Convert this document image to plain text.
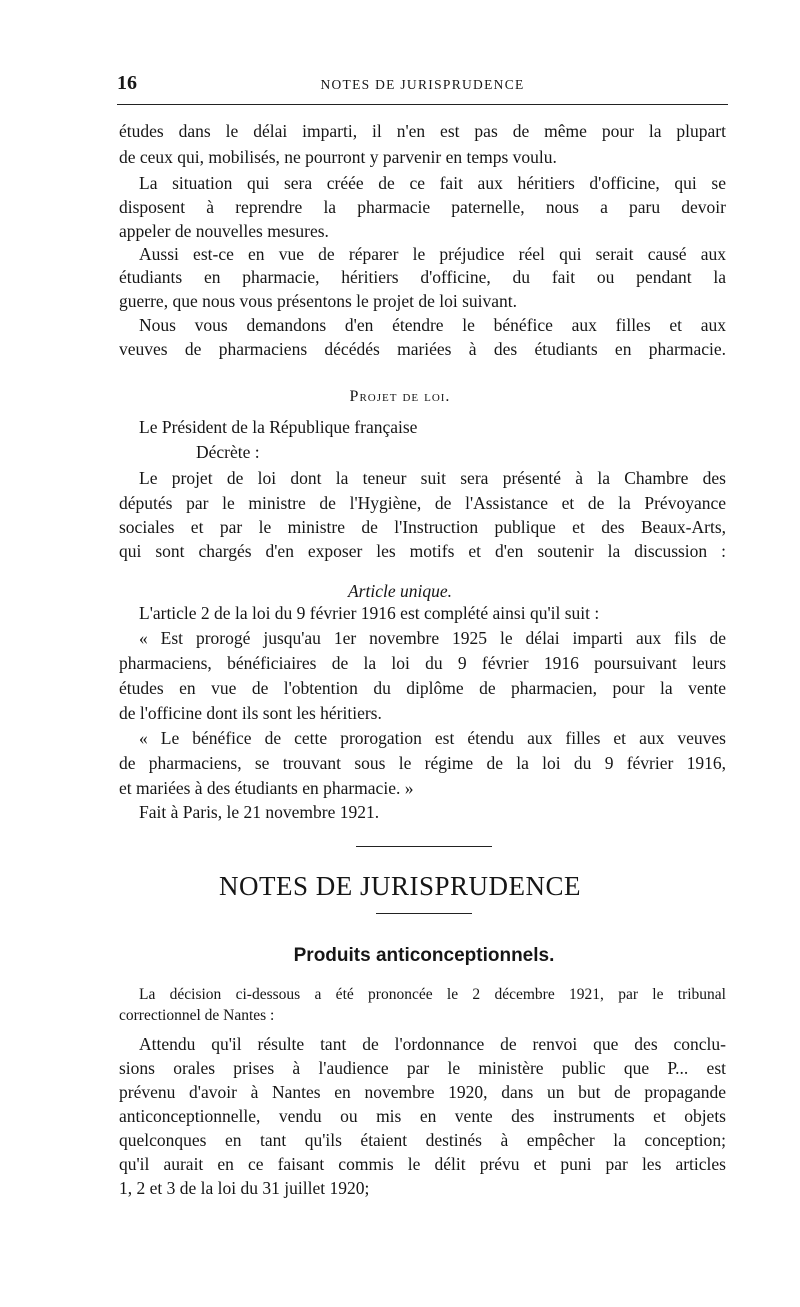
16	NOTES DE JURISPRUDENCE
études dans le délai imparti, il n'en est pas de même pour la plupart
de ceux qui, mobilisés, ne pourront y parvenir en temps voulu.
La situation qui sera créée de ce fait aux héritiers d'officine, qui se
disposent à reprendre la pharmacie paternelle, nous a paru devoir
appeler de nouvelles mesures.
Aussi est-ce en vue de réparer le préjudice réel qui serait causé aux
étudiants en pharmacie, héritiers d'officine, du fait ou pendant la
guerre, que nous vous présentons le projet de loi suivant.
Nous vous demandons d'en étendre le bénéfice aux filles et aux
veuves de pharmaciens décédés mariées à des étudiants en pharmacie.
Projet de loi.
Le Président de la République française
Décrète :
Le projet de loi dont la teneur suit sera présenté à la Chambre des
députés par le ministre de l'Hygiène, de l'Assistance et de la Prévoyance
sociales et par le ministre de l'Instruction publique et des Beaux-Arts,
qui sont chargés d'en exposer les motifs et d'en soutenir la discussion :
Article unique.
L'article 2 de la loi du 9 février 1916 est complété ainsi qu'il suit :
« Est prorogé jusqu'au 1er novembre 1925 le délai imparti aux fils de
pharmaciens, bénéficiaires de la loi du 9 février 1916 poursuivant leurs
études en vue de l'obtention du diplôme de pharmacien, pour la vente
de l'officine dont ils sont les héritiers.
« Le bénéfice de cette prorogation est étendu aux filles et aux veuves
de pharmaciens, se trouvant sous le régime de la loi du 9 février 1916,
et mariées à des étudiants en pharmacie. »
Fait à Paris, le 21 novembre 1921.
NOTES DE JURISPRUDENCE
Produits anticonceptionnels.
La décision ci-dessous a été prononcée le 2 décembre 1921, par le tribunal
correctionnel de Nantes :
Attendu qu'il résulte tant de l'ordonnance de renvoi que des conclu-
sions orales prises à l'audience par le ministère public que P... est
prévenu d'avoir à Nantes en novembre 1920, dans un but de propagande
anticonceptionnelle, vendu ou mis en vente des instruments et objets
quelconques en tant qu'ils étaient destinés à empêcher la conception;
qu'il aurait en ce faisant commis le délit prévu et puni par les articles
1, 2 et 3 de la loi du 31 juillet 1920;
